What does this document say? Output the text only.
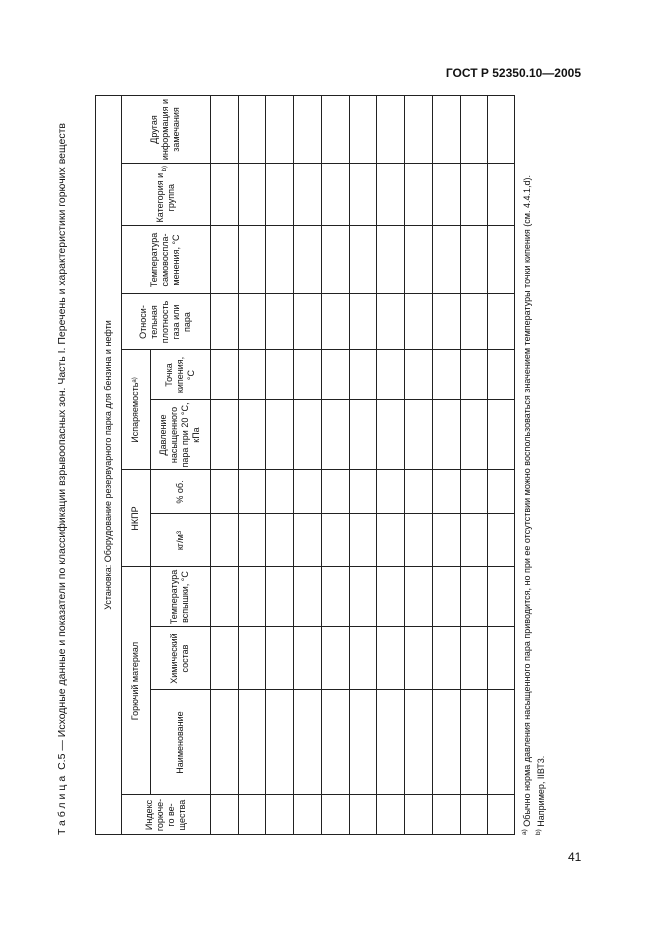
ГОСТ Р 52350.10—2005
Таблица С.5 — Исходные данные и показатели по классификации взрывоопасных зон. Часть I. Перечень и характеристики горючих веществ	Установка: Оборудование резервуарного парка для бензина и нефти
Индекс горюче-го ве-щества
Горючий материал
НКПР
Испаряемость
а)
Относи-тельная плотность газа или пара
Температура самовоспла-менения, °С
Категория и группа
b)
Другая информация и замечания
Наименование
Химический состав
Температура вспышки, °С
кг/м
3
% об.
Давление насыщенного пара при 20 °С, кПа
Точка кипения, °С
$^{а)}$ Обычно норма давления насыщенного пара приводится, но при ее отсутствии можно воспользоваться значением температуры точки кипения (см. 4.4.1,d).
$^{b)}$ Например, IIВТ3.
41
